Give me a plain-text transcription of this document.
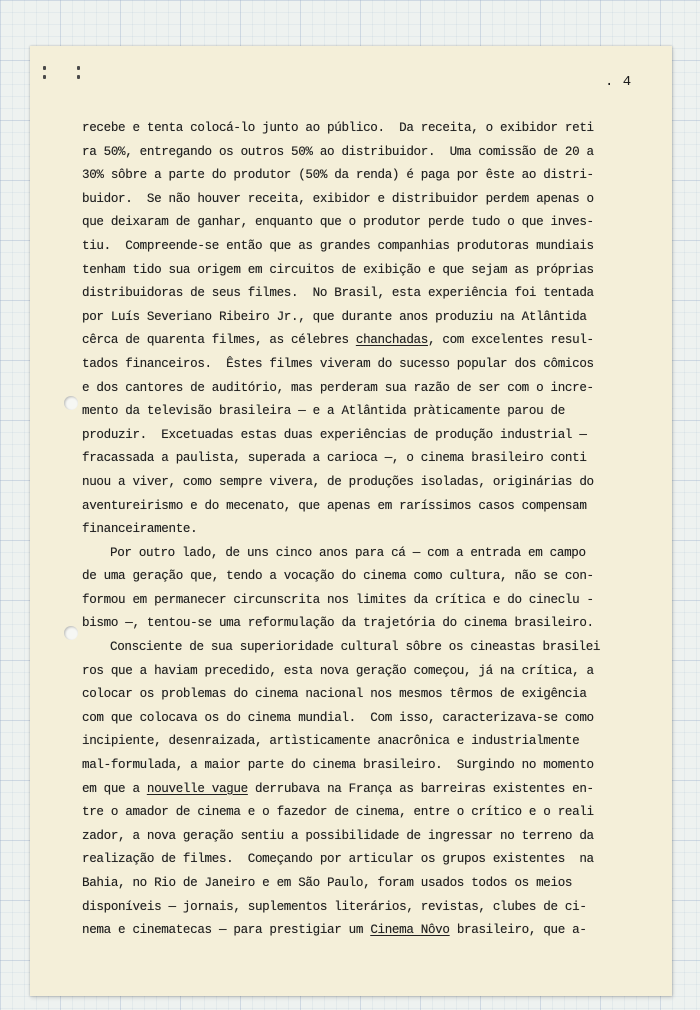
. 4
recebe e tenta colocá-lo junto ao público.  Da receita, o exibidor reti
ra 50%, entregando os outros 50% ao distribuidor.  Uma comissão de 20 a
30% sôbre a parte do produtor (50% da renda) é paga por êste ao distri-
buidor.  Se não houver receita, exibidor e distribuidor perdem apenas o
que deixaram de ganhar, enquanto que o produtor perde tudo o que inves-
tiu.  Compreende-se então que as grandes companhias produtoras mundiais
tenham tido sua origem em circuitos de exibição e que sejam as próprias
distribuidoras de seus filmes.  No Brasil, esta experiência foi tentada
por Luís Severiano Ribeiro Jr., que durante anos produziu na Atlântida
cêrca de quarenta filmes, as célebres chanchadas, com excelentes resul-
tados financeiros.  Êstes filmes viveram do sucesso popular dos cômicos
e dos cantores de auditório, mas perderam sua razão de ser com o incre-
mento da televisão brasileira — e a Atlântida pràticamente parou de
produzir.  Excetuadas estas duas experiências de produção industrial —
fracassada a paulista, superada a carioca —, o cinema brasileiro conti
nuou a viver, como sempre vivera, de produções isoladas, originárias do
aventureirismo e do mecenato, que apenas em raríssimos casos compensam
financeiramente.
Por outro lado, de uns cinco anos para cá — com a entrada em campo
de uma geração que, tendo a vocação do cinema como cultura, não se con-
formou em permanecer circunscrita nos limites da crítica e do cineclu -
bismo —, tentou-se uma reformulação da trajetória do cinema brasileiro.
Consciente de sua superioridade cultural sôbre os cineastas brasilei
ros que a haviam precedido, esta nova geração começou, já na crítica, a
colocar os problemas do cinema nacional nos mesmos têrmos de exigência
com que colocava os do cinema mundial.  Com isso, caracterizava-se como
incipiente, desenraizada, artìsticamente anacrônica e industrialmente
mal-formulada, a maior parte do cinema brasileiro.  Surgindo no momento
em que a nouvelle vague derrubava na França as barreiras existentes en-
tre o amador de cinema e o fazedor de cinema, entre o crítico e o reali
zador, a nova geração sentiu a possibilidade de ingressar no terreno da
realização de filmes.  Começando por articular os grupos existentes  na
Bahia, no Rio de Janeiro e em São Paulo, foram usados todos os meios
disponíveis — jornais, suplementos literários, revistas, clubes de ci-
nema e cinematecas — para prestigiar um Cinema Nôvo brasileiro, que a-
